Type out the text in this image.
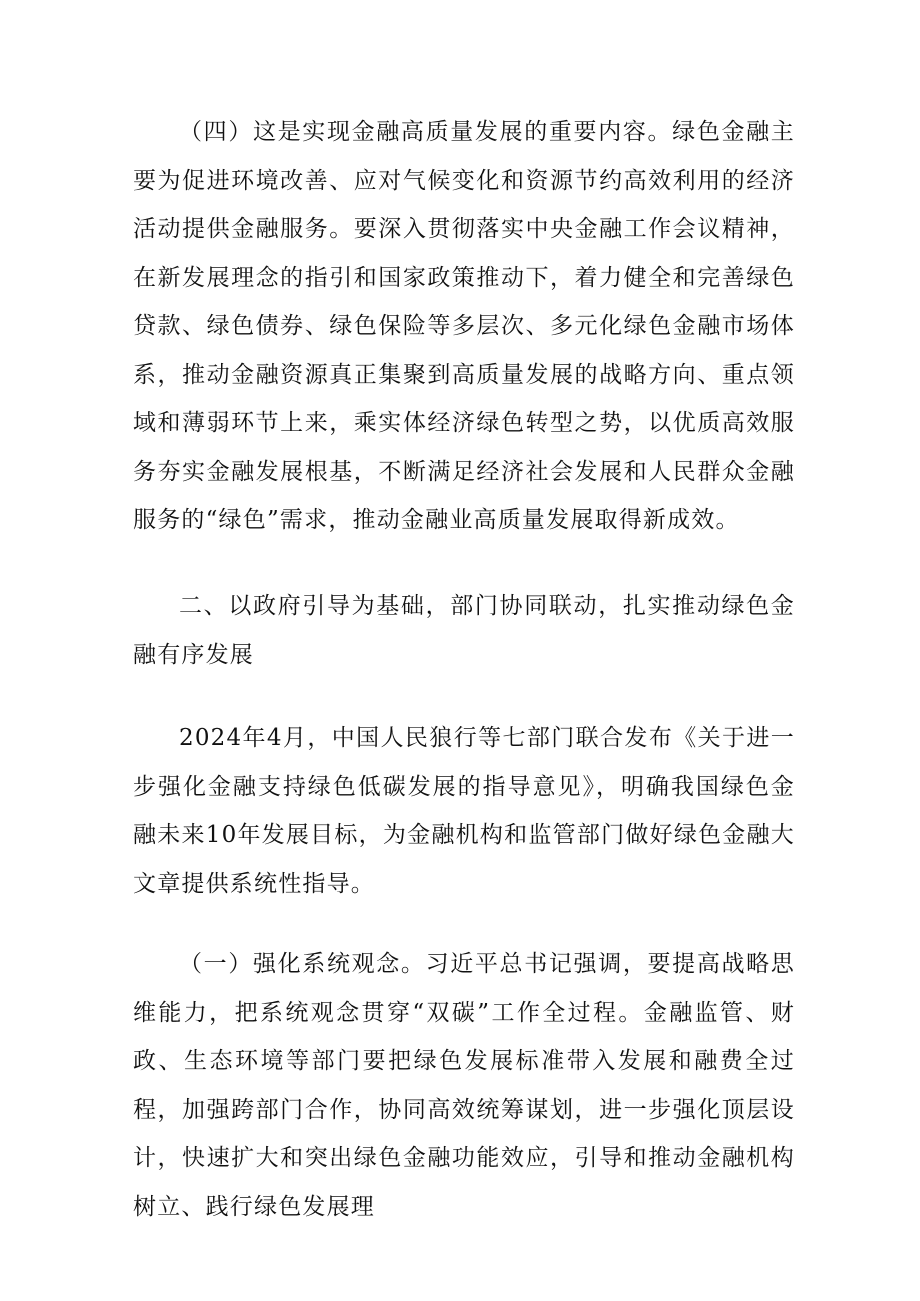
（四）这是实现金融高质量发展的重要内容。绿色金融主要为促进环境改善、应对气候变化和资源节约高效利用的经济活动提供金融服务。要深入贯彻落实中央金融工作会议精神，在新发展理念的指引和国家政策推动下，着力健全和完善绿色贷款、绿色债券、绿色保险等多层次、多元化绿色金融市场体系，推动金融资源真正集聚到高质量发展的战略方向、重点领域和薄弱环节上来，乘实体经济绿色转型之势，以优质高效服务夯实金融发展根基，不断满足经济社会发展和人民群众金融服务的“绿色”需求，推动金融业高质量发展取得新成效。

二、以政府引导为基础，部门协同联动，扎实推动绿色金融有序发展

2024年4月，中国人民狼行等七部门联合发布《关于进一步强化金融支持绿色低碳发展的指导意见》，明确我国绿色金融未来10年发展目标，为金融机构和监管部门做好绿色金融大文章提供系统性指导。

（一）强化系统观念。习近平总书记强调，要提高战略思维能力，把系统观念贯穿“双碳”工作全过程。金融监管、财政、生态环境等部门要把绿色发展标准带入发展和融费全过程，加强跨部门合作，协同高效统筹谋划，进一步强化顶层设计，快速扩大和突出绿色金融功能效应，引导和推动金融机构树立、践行绿色发展理
